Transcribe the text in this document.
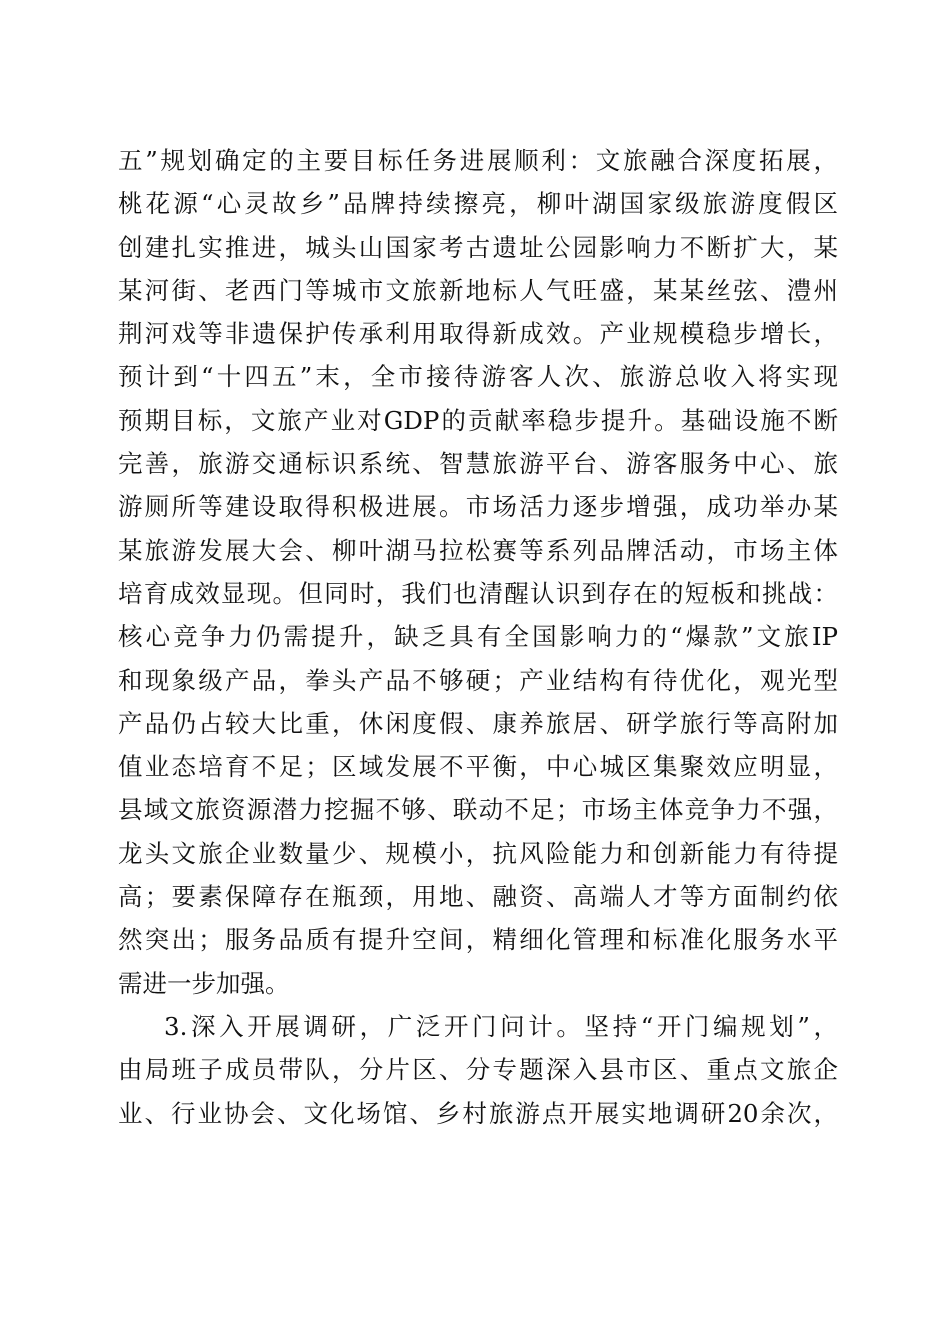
五”规划确定的主要目标任务进展顺利：文旅融合深度拓展，
桃花源“心灵故乡”品牌持续擦亮，柳叶湖国家级旅游度假区
创建扎实推进，城头山国家考古遗址公园影响力不断扩大，某
某河街、老西门等城市文旅新地标人气旺盛，某某丝弦、澧州
荆河戏等非遗保护传承利用取得新成效。产业规模稳步增长，
预计到“十四五”末，全市接待游客人次、旅游总收入将实现
预期目标，文旅产业对GDP的贡献率稳步提升。基础设施不断
完善，旅游交通标识系统、智慧旅游平台、游客服务中心、旅
游厕所等建设取得积极进展。市场活力逐步增强，成功举办某
某旅游发展大会、柳叶湖马拉松赛等系列品牌活动，市场主体
培育成效显现。但同时，我们也清醒认识到存在的短板和挑战：
核心竞争力仍需提升，缺乏具有全国影响力的“爆款”文旅IP
和现象级产品，拳头产品不够硬；产业结构有待优化，观光型
产品仍占较大比重，休闲度假、康养旅居、研学旅行等高附加
值业态培育不足；区域发展不平衡，中心城区集聚效应明显，
县域文旅资源潜力挖掘不够、联动不足；市场主体竞争力不强，
龙头文旅企业数量少、规模小，抗风险能力和创新能力有待提
高；要素保障存在瓶颈，用地、融资、高端人才等方面制约依
然突出；服务品质有提升空间，精细化管理和标准化服务水平
需进一步加强。
3.深入开展调研，广泛开门问计。坚持“开门编规划”，
由局班子成员带队，分片区、分专题深入县市区、重点文旅企
业、行业协会、文化场馆、乡村旅游点开展实地调研20余次，
